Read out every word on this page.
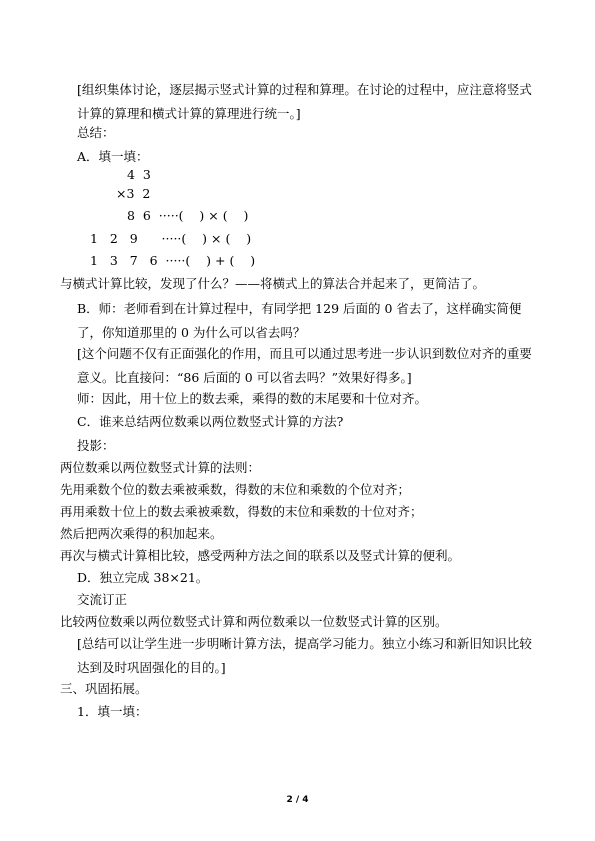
[组织集体讨论，逐层揭示竖式计算的过程和算理。在讨论的过程中，应注意将竖式计算的算理和横式计算的算理进行统一。]
总结：
A．填一填：
4  3
×3  2
8  6  ·····(    ) × (    )
1   2   9      ·····(    ) × (    )
1   3   7   6  ·····(    ) + (    )
与横式计算比较，发现了什么？——将横式上的算法合并起来了，更简洁了。
B．师：老师看到在计算过程中，有同学把 129 后面的 0 省去了，这样确实简便了，你知道那里的 0 为什么可以省去吗？
[这个问题不仅有正面强化的作用，而且可以通过思考进一步认识到数位对齐的重要意义。比直接问：“86 后面的 0 可以省去吗？”效果好得多。]
师：因此，用十位上的数去乘，乘得的数的末尾要和十位对齐。
C．谁来总结两位数乘以两位数竖式计算的方法?
投影：
两位数乘以两位数竖式计算的法则：
先用乘数个位的数去乘被乘数，得数的末位和乘数的个位对齐；
再用乘数十位上的数去乘被乘数，得数的末位和乘数的十位对齐；
然后把两次乘得的积加起来。
再次与横式计算相比较，感受两种方法之间的联系以及竖式计算的便利。
D．独立完成 38×21。
交流订正
比较两位数乘以两位数竖式计算和两位数乘以一位数竖式计算的区别。
[总结可以让学生进一步明晰计算方法，提高学习能力。独立小练习和新旧知识比较达到及时巩固强化的目的。]
三、巩固拓展。
1．填一填：
2 / 4
